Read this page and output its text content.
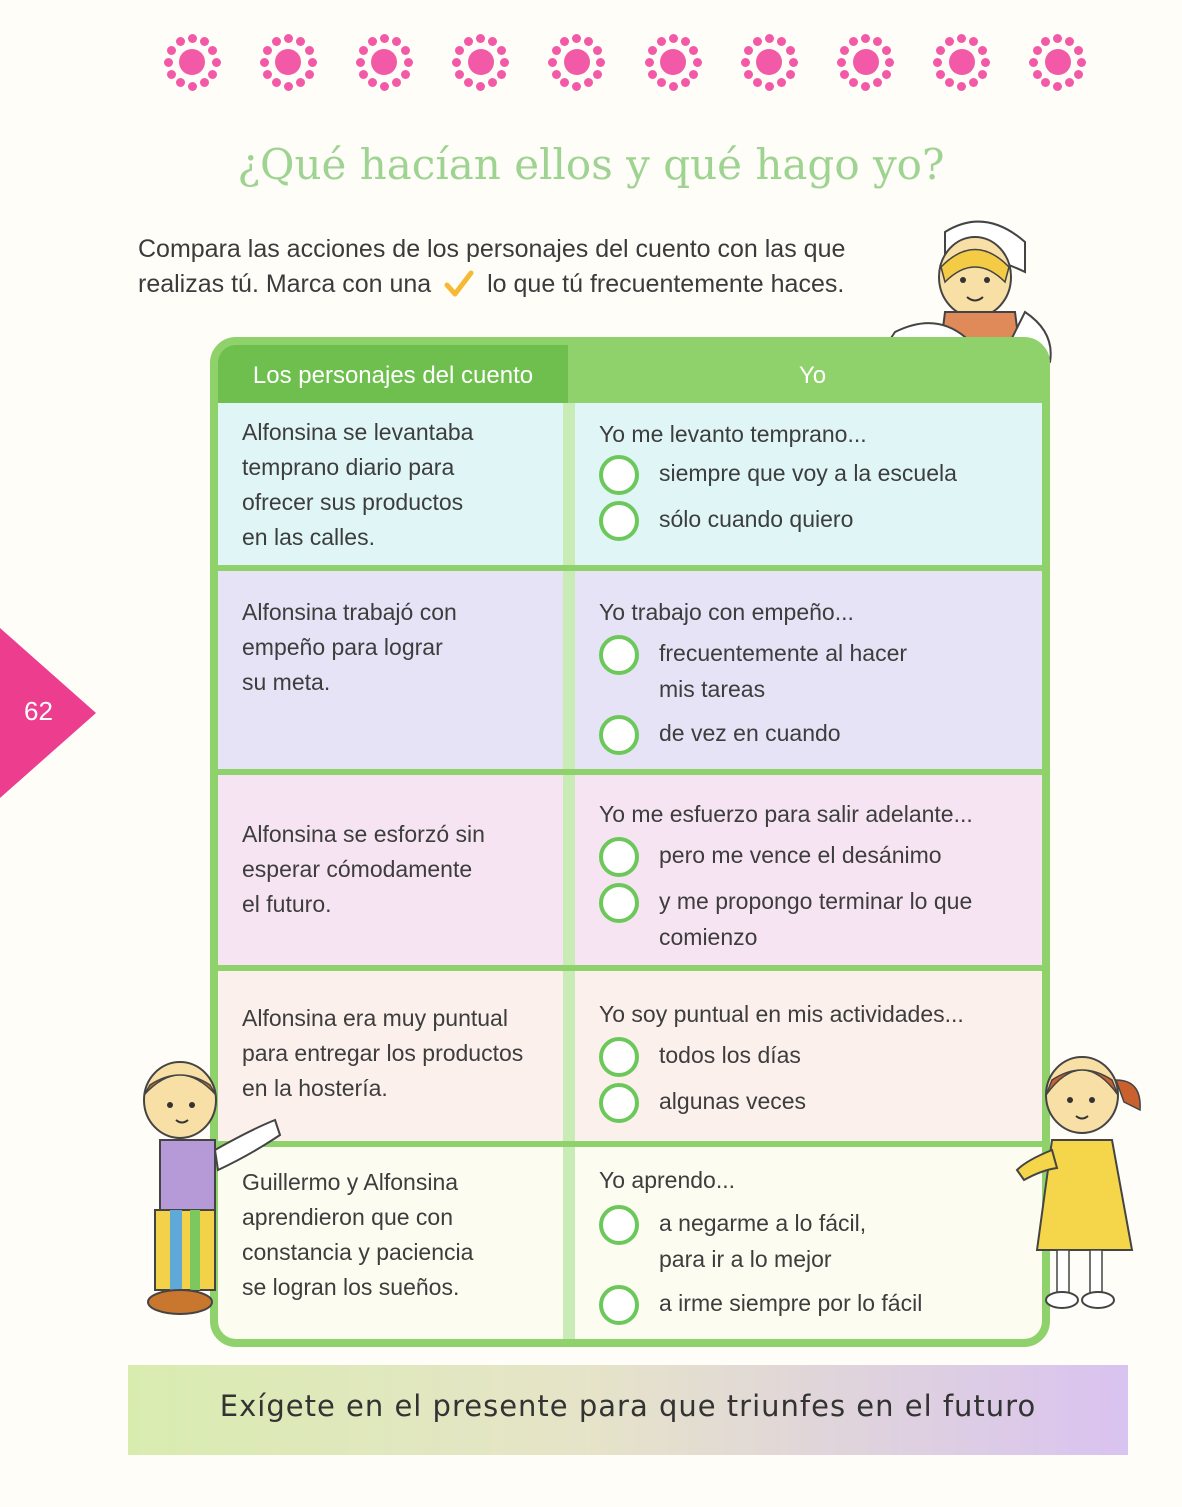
¿Qué hacían ellos y qué hago yo?

Compara las acciones de los personajes del cuento con las que
realizas tú. Marca con una lo que tú frecuentemente haces.

62
Los personajes del cuento	Yo
Alfonsina se levantaba
temprano diario para
ofrecer sus productos
en las calles.
Yo me levanto temprano...
siempre que voy a la escuela
sólo cuando quiero
Alfonsina trabajó con
empeño para lograr
su meta.
Yo trabajo con empeño...
frecuentemente al hacer
mis tareas
de vez en cuando
Alfonsina se esforzó sin
esperar cómodamente
el futuro.
Yo me esfuerzo para salir adelante...
pero me vence el desánimo
y me propongo terminar lo que
comienzo
Alfonsina era muy puntual
para entregar los productos
en la hostería.
Yo soy puntual en mis actividades...
todos los días
algunas veces
Guillermo y Alfonsina
aprendieron que con
constancia y paciencia
se logran los sueños.
Yo aprendo...
a negarme a lo fácil,
para ir a lo mejor
a irme siempre por lo fácil
Exígete en el presente para que triunfes en el futuro
